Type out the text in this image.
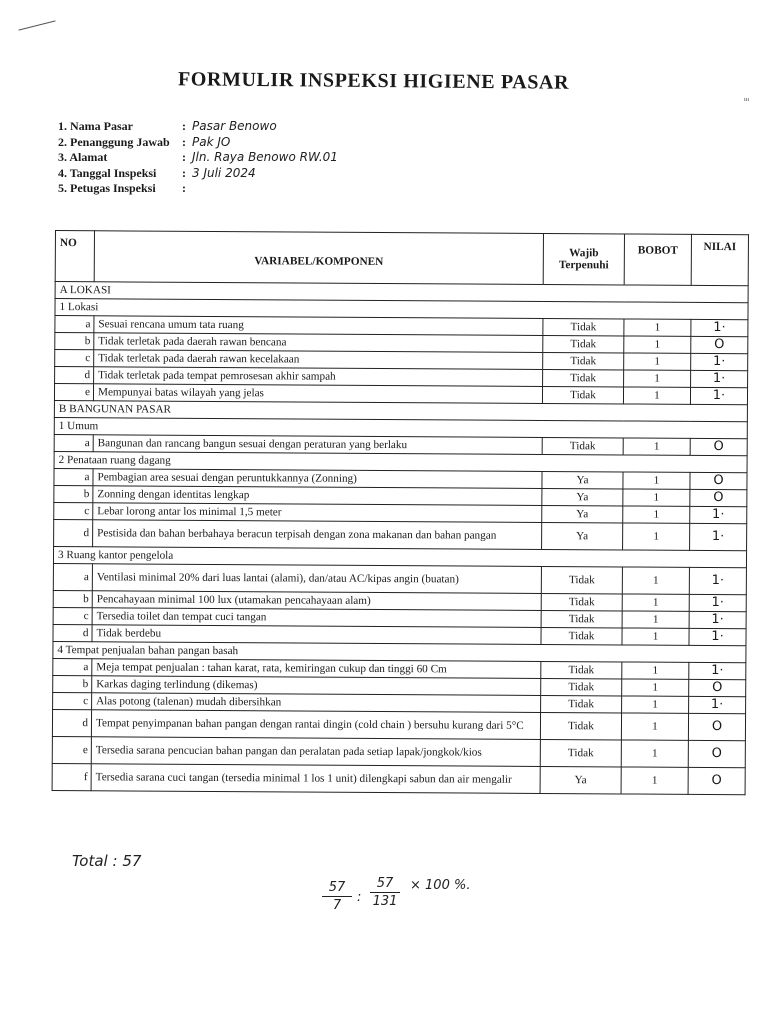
ııı
FORMULIR INSPEKSI HIGIENE PASAR
1. Nama Pasar	: Pasar Benowo
2. Penanggung Jawab : Pak JO
3. Alamat	: Jln. Raya Benowo RW.01
4. Tanggal Inspeksi : 3 Juli 2024
5. Petugas Inspeksi :
NO	VARIABEL/KOMPONEN	Wajib Terpenuhi	BOBOT	NILAI
A LOKASI				
1 Lokasi				
a	Sesuai rencana umum tata ruang	Tidak	1	1·
b	Tidak terletak pada daerah rawan bencana	Tidak	1	O
c	Tidak terletak pada daerah rawan kecelakaan	Tidak	1	1·
d	Tidak terletak pada tempat pemrosesan akhir sampah	Tidak	1	1·
e	Mempunyai batas wilayah yang jelas	Tidak	1	1·
B BANGUNAN PASAR				
1 Umum				
a	Bangunan dan rancang bangun sesuai dengan peraturan yang berlaku	Tidak	1	O
2 Penataan ruang dagang				
a	Pembagian area sesuai dengan peruntukkannya (Zonning)	Ya	1	O
b	Zonning dengan identitas lengkap	Ya	1	O
c	Lebar lorong antar los minimal 1,5 meter	Ya	1	1·
d	Pestisida dan bahan berbahaya beracun terpisah dengan zona makanan dan bahan pangan	Ya	1	1·
3 Ruang kantor pengelola				
a	Ventilasi minimal 20% dari luas lantai (alami), dan/atau AC/kipas angin (buatan)	Tidak	1	1·
b	Pencahayaan minimal 100 lux (utamakan pencahayaan alam)	Tidak	1	1·
c	Tersedia toilet dan tempat cuci tangan	Tidak	1	1·
d	Tidak berdebu	Tidak	1	1·
4 Tempat penjualan bahan pangan basah				
a	Meja tempat penjualan : tahan karat, rata, kemiringan cukup dan tinggi 60 Cm	Tidak	1	1·
b	Karkas daging terlindung (dikemas)	Tidak	1	O
c	Alas potong (talenan) mudah dibersihkan	Tidak	1	1·
d	Tempat penyimpanan bahan pangan dengan rantai dingin (cold chain ) bersuhu kurang dari 5°C	Tidak	1	O
e	Tersedia sarana pencucian bahan pangan dan peralatan pada setiap lapak/jongkok/kios	Tidak	1	O
f	Tersedia sarana cuci tangan (tersedia minimal 1 los 1 unit) dilengkapi sabun dan air mengalir	Ya	1	O
Total : 57
$\frac{57}{7}$ : $\frac{57}{131} \times 100$ %.
